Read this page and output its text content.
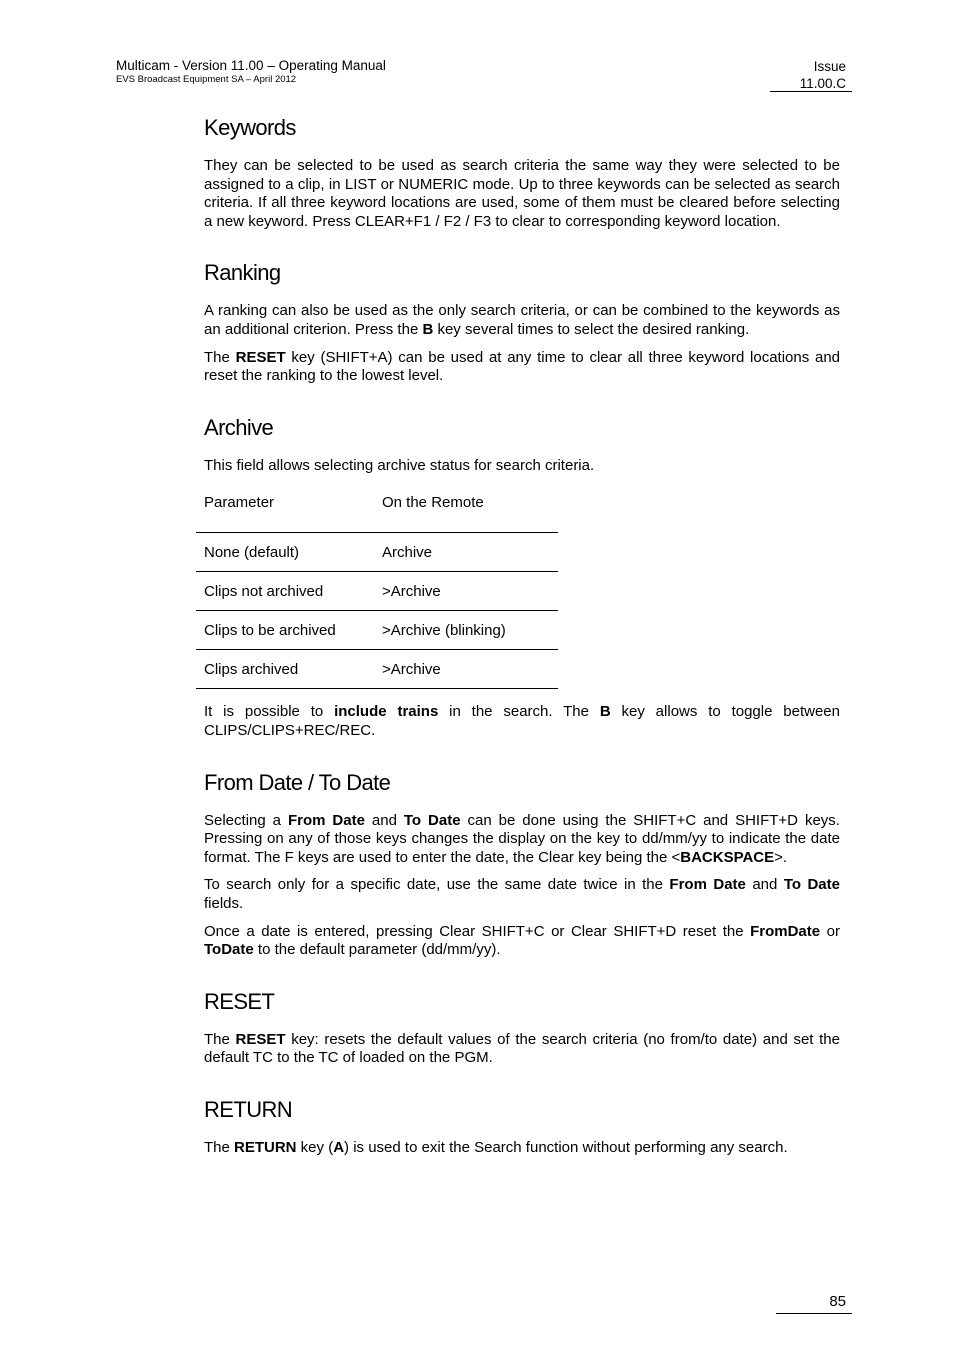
Multicam - Version 11.00 – Operating Manual
EVS Broadcast Equipment SA – April 2012
Issue
11.00.C
Keywords

They can be selected to be used as search criteria the same way they were selected to be assigned to a clip, in LIST or NUMERIC mode. Up to three keywords can be selected as search criteria. If all three keyword locations are used, some of them must be cleared before selecting a new keyword. Press CLEAR+F1 / F2 / F3 to clear to corresponding keyword location.

Ranking

A ranking can also be used as the only search criteria, or can be combined to the keywords as an additional criterion. Press the B key several times to select the desired ranking.

The RESET key (SHIFT+A) can be used at any time to clear all three keyword locations and reset the ranking to the lowest level.

Archive

This field allows selecting archive status for search criteria.

Parameter	On the Remote
None (default)	Archive
Clips not archived	>Archive
Clips to be archived	>Archive (blinking)
Clips archived	>Archive

It is possible to include trains in the search. The B key allows to toggle between CLIPS/CLIPS+REC/REC.

From Date / To Date

Selecting a From Date and To Date can be done using the SHIFT+C and SHIFT+D keys. Pressing on any of those keys changes the display on the key to dd/mm/yy to indicate the date format. The F keys are used to enter the date, the Clear key being the <BACKSPACE>.

To search only for a specific date, use the same date twice in the From Date and To Date fields.

Once a date is entered, pressing Clear SHIFT+C or Clear SHIFT+D reset the FromDate or ToDate to the default parameter (dd/mm/yy).

RESET

The RESET key: resets the default values of the search criteria (no from/to date) and set the default TC to the TC of loaded on the PGM.

RETURN

The RETURN key (A) is used to exit the Search function without performing any search.

85
